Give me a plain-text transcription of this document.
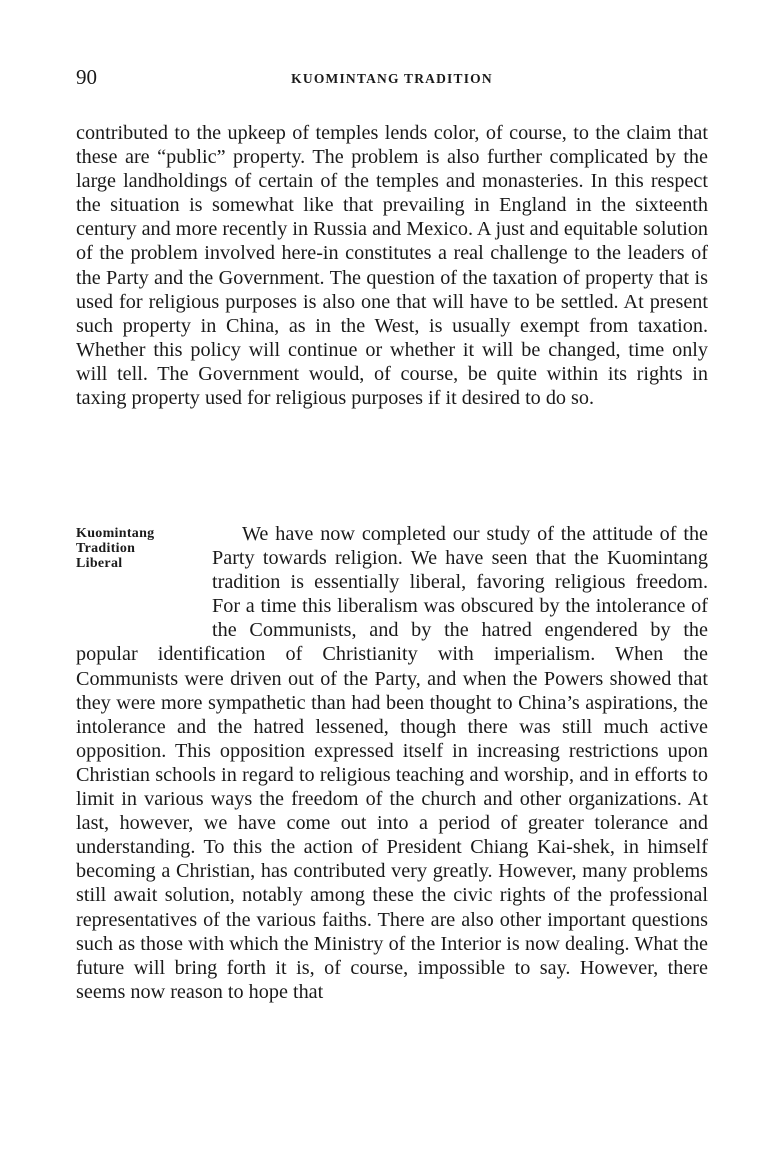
90	KUOMINTANG TRADITION

contributed to the upkeep of temples lends color, of course, to the claim that these are “public” property. The problem is also further complicated by the large landholdings of certain of the temples and monasteries. In this respect the situation is somewhat like that prevailing in England in the sixteenth century and more recently in Russia and Mexico. A just and equitable solution of the problem involved here-in constitutes a real challenge to the leaders of the Party and the Government. The question of the taxation of property that is used for religious purposes is also one that will have to be settled. At present such property in China, as in the West, is usually exempt from taxation. Whether this policy will continue or whether it will be changed, time only will tell. The Government would, of course, be quite within its rights in taxing property used for religious purposes if it desired to do so.

Kuomintang
Tradition
Liberal
We have now completed our study of the attitude of the Party towards religion. We have seen that the Kuomintang tradition is essentially liberal, favoring religious freedom. For a time this liberalism was obscured by the intolerance of the Communists, and by the hatred engendered by the popular identification of Christianity with imperialism. When the Communists were driven out of the Party, and when the Powers showed that they were more sympathetic than had been thought to China’s aspirations, the intolerance and the hatred lessened, though there was still much active opposition. This opposition expressed itself in increasing restrictions upon Christian schools in regard to religious teaching and worship, and in efforts to limit in various ways the freedom of the church and other organizations. At last, however, we have come out into a period of greater tolerance and understanding. To this the action of President Chiang Kai-shek, in himself becoming a Christian, has contributed very greatly. However, many problems still await solution, notably among these the civic rights of the professional representatives of the various faiths. There are also other important questions such as those with which the Ministry of the Interior is now dealing. What the future will bring forth it is, of course, impossible to say. However, there seems now reason to hope that
